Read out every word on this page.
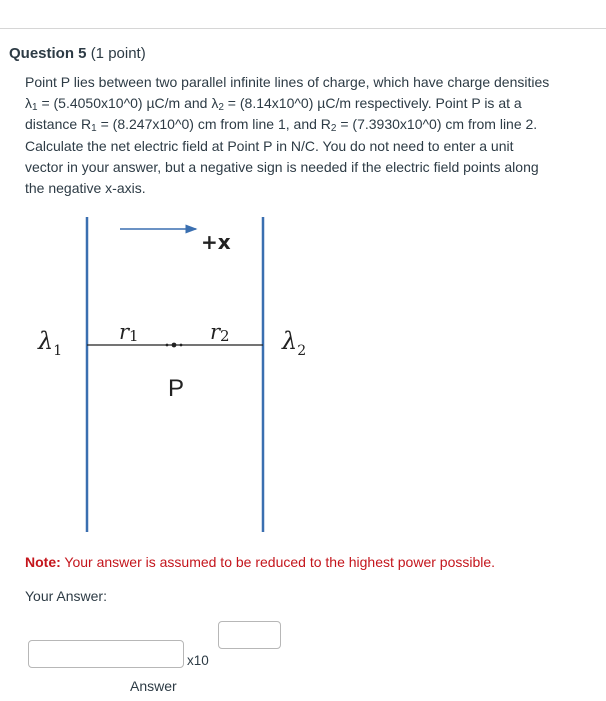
Question 5 (1 point)
Point P lies between two parallel infinite lines of charge, which have charge densities
$\lambda_1$ = (5.4050x10^0) µC/m and $\lambda_2$ = (8.14x10^0) µC/m respectively. Point P is at a
distance $R_1$ = (8.247x10^0) cm from line 1, and $R_2$ = (7.3930x10^0) cm from line 2.
Calculate the net electric field at Point P in N/C. You do not need to enter a unit
vector in your answer, but a negative sign is needed if the electric field points along
the negative x-axis.
+x
$\lambda_1$
r1	r2 $\lambda_2$
P
Note: Your answer is assumed to be reduced to the highest power possible.
Your Answer:
x10
Answer
